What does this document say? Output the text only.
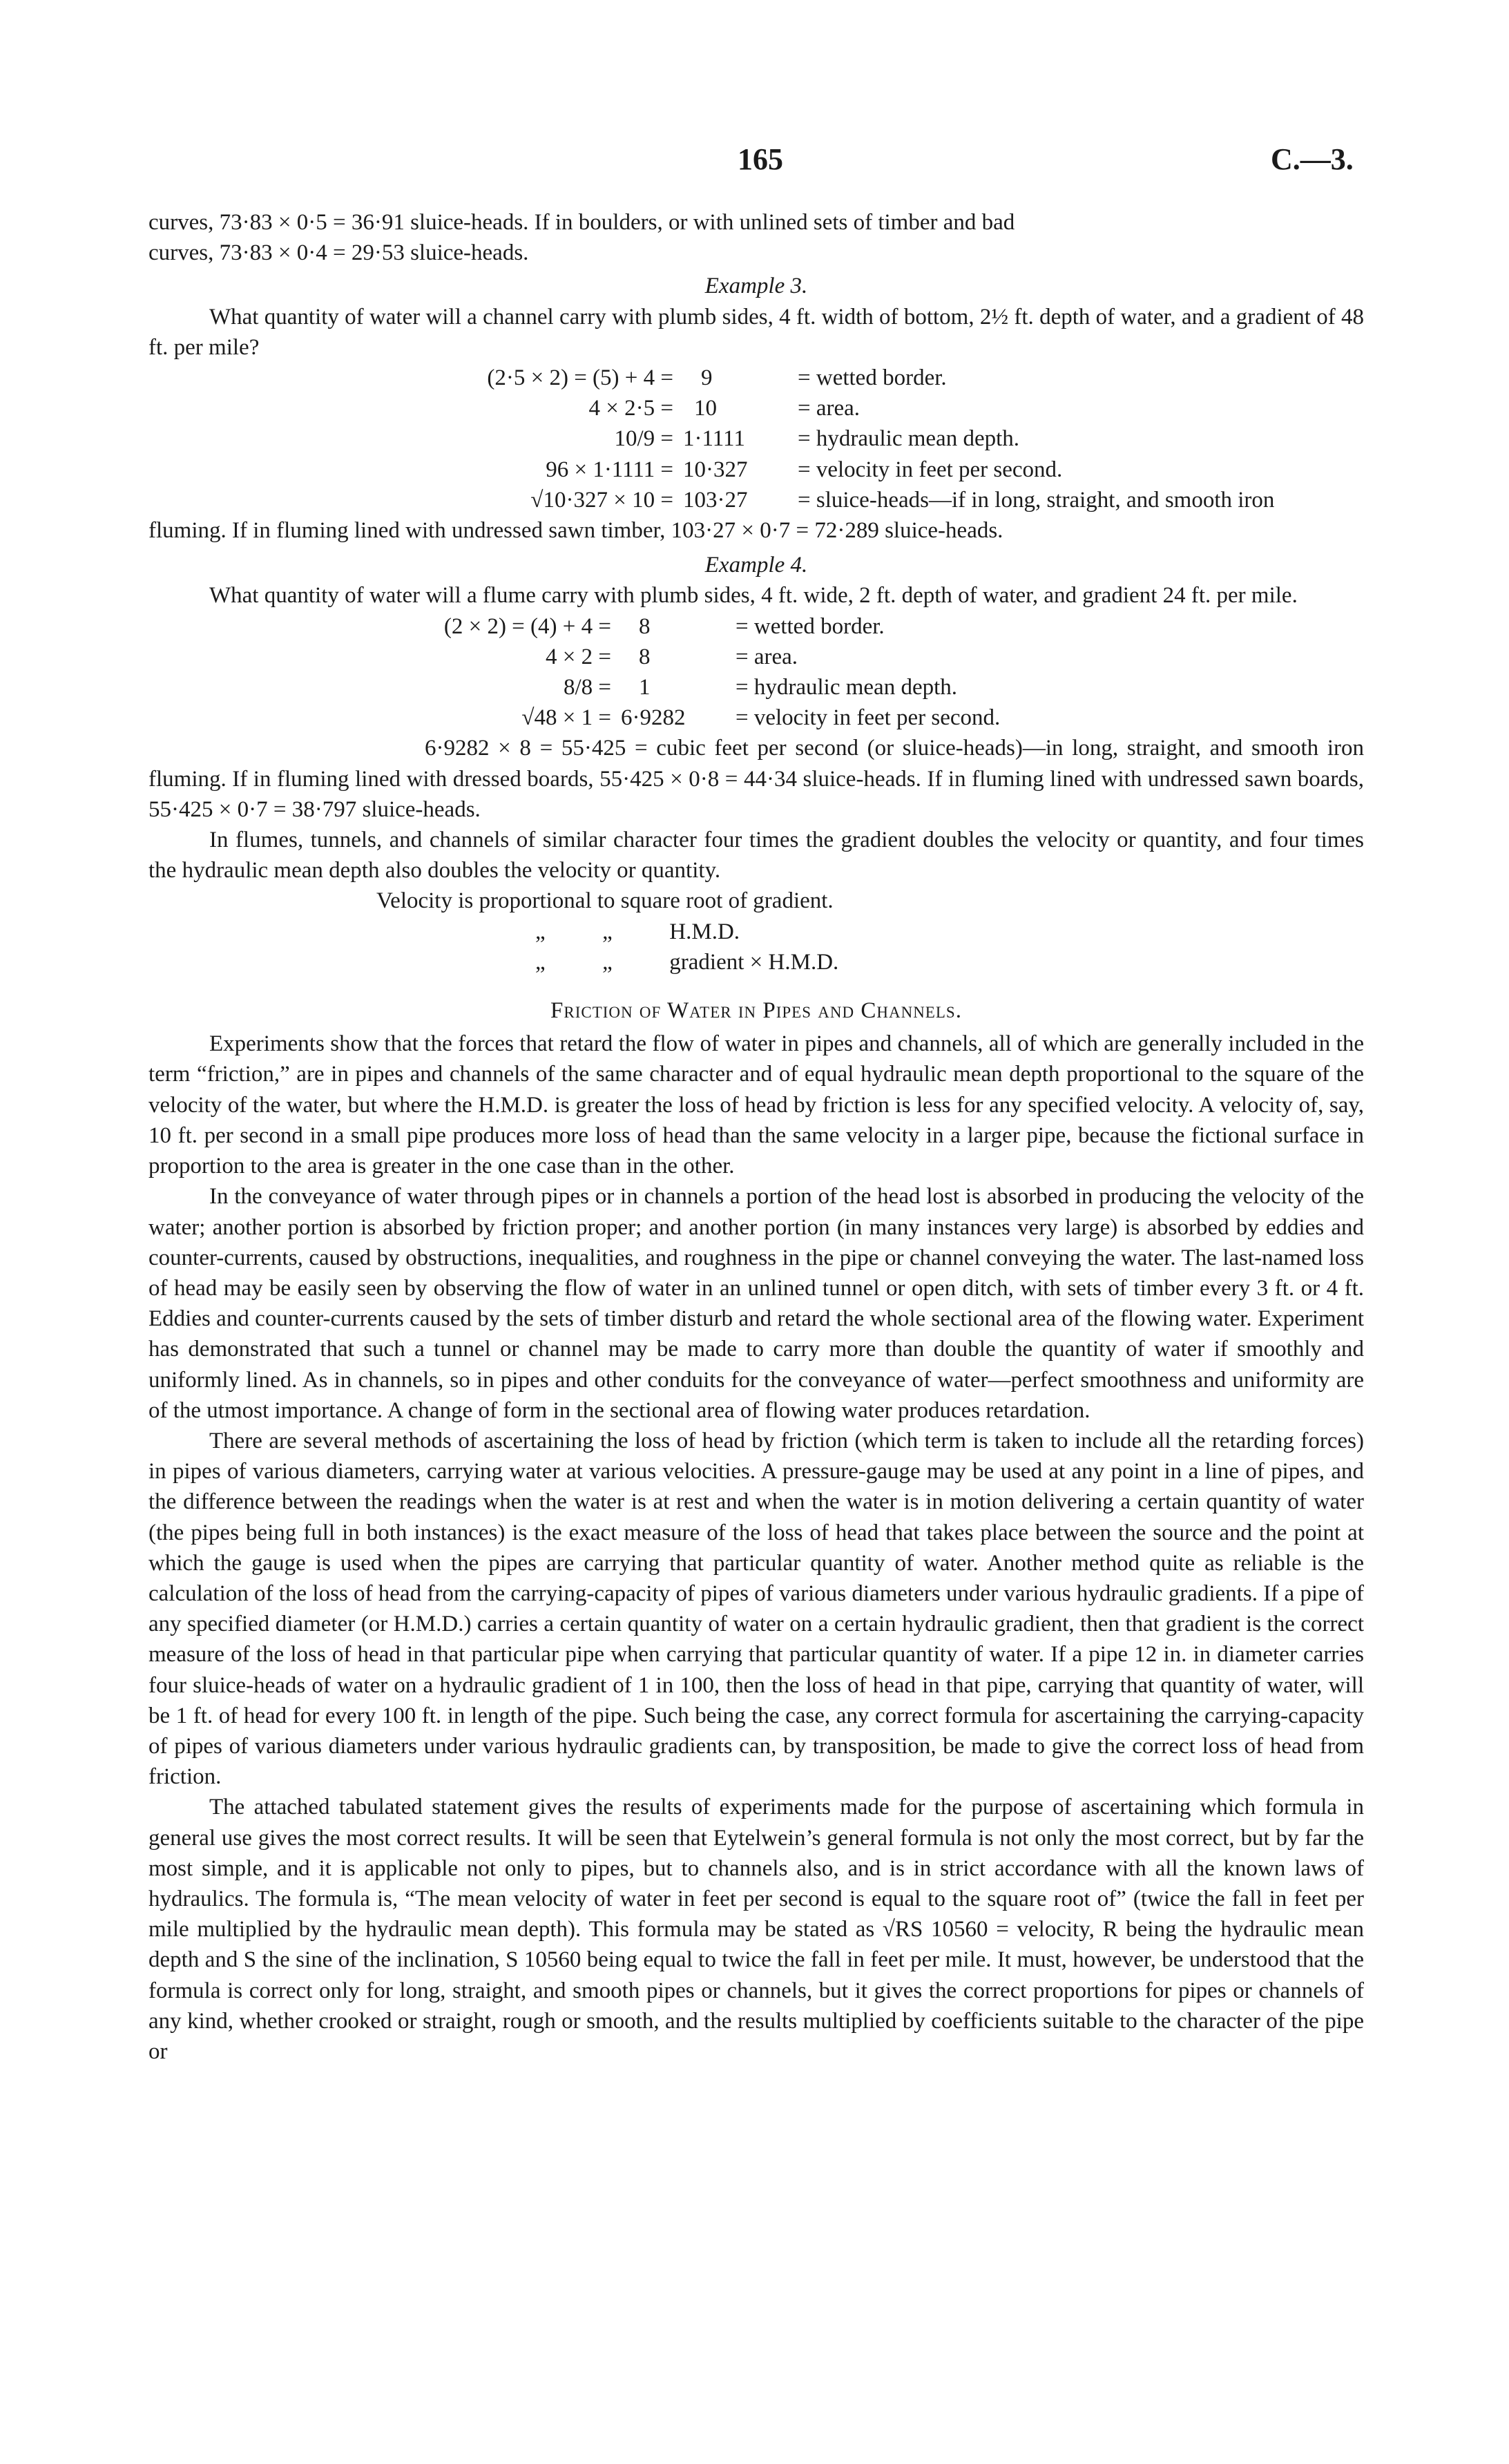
165	C.—3.

curves, 73·83 × 0·5 = 36·91 sluice-heads. If in boulders, or with unlined sets of timber and bad

curves, 73·83 × 0·4 = 29·53 sluice-heads.

Example 3.

What quantity of water will a channel carry with plumb sides, 4 ft. width of bottom, 2½ ft. depth of water, and a gradient of 48 ft. per mile?

(2·5 × 2) = (5) + 4 =	9	= wetted border.
4 × 2·5 = 10	= area.
10/9 = 1·1111	= hydraulic mean depth.
96 × 1·1111 = 10·327	= velocity in feet per second.
√10·327 × 10 = 103·27	= sluice-heads—if in long, straight, and smooth iron

fluming. If in fluming lined with undressed sawn timber, 103·27 × 0·7 = 72·289 sluice-heads.

Example 4.

What quantity of water will a flume carry with plumb sides, 4 ft. wide, 2 ft. depth of water, and gradient 24 ft. per mile.

(2 × 2) = (4) + 4 =	8	= wetted border.
4 × 2 =	8	= area.
8/8 =	1	= hydraulic mean depth.
√48 × 1 = 6·9282	= velocity in feet per second.

6·9282 × 8 = 55·425 = cubic feet per second (or sluice-heads)—in long, straight, and smooth iron fluming. If in fluming lined with dressed boards, 55·425 × 0·8 = 44·34 sluice-heads. If in fluming lined with undressed sawn boards, 55·425 × 0·7 = 38·797 sluice-heads.

In flumes, tunnels, and channels of similar character four times the gradient doubles the velocity or quantity, and four times the hydraulic mean depth also doubles the velocity or quantity.

Velocity is proportional to square root of gradient.

„          „          H.M.D.

„          „          gradient × H.M.D.

Friction of Water in Pipes and Channels.

Experiments show that the forces that retard the flow of water in pipes and channels, all of which are generally included in the term “friction,” are in pipes and channels of the same character and of equal hydraulic mean depth proportional to the square of the velocity of the water, but where the H.M.D. is greater the loss of head by friction is less for any specified velocity. A velocity of, say, 10 ft. per second in a small pipe produces more loss of head than the same velocity in a larger pipe, because the fictional surface in proportion to the area is greater in the one case than in the other.

In the conveyance of water through pipes or in channels a portion of the head lost is absorbed in producing the velocity of the water; another portion is absorbed by friction proper; and another portion (in many instances very large) is absorbed by eddies and counter-currents, caused by obstructions, inequalities, and roughness in the pipe or channel conveying the water. The last-named loss of head may be easily seen by observing the flow of water in an unlined tunnel or open ditch, with sets of timber every 3 ft. or 4 ft. Eddies and counter-currents caused by the sets of timber disturb and retard the whole sectional area of the flowing water. Experiment has demonstrated that such a tunnel or channel may be made to carry more than double the quantity of water if smoothly and uniformly lined. As in channels, so in pipes and other conduits for the conveyance of water—perfect smoothness and uniformity are of the utmost importance. A change of form in the sectional area of flowing water produces retardation.

There are several methods of ascertaining the loss of head by friction (which term is taken to include all the retarding forces) in pipes of various diameters, carrying water at various velocities. A pressure-gauge may be used at any point in a line of pipes, and the difference between the readings when the water is at rest and when the water is in motion delivering a certain quantity of water (the pipes being full in both instances) is the exact measure of the loss of head that takes place between the source and the point at which the gauge is used when the pipes are carrying that particular quantity of water. Another method quite as reliable is the calculation of the loss of head from the carrying-capacity of pipes of various diameters under various hydraulic gradients. If a pipe of any specified diameter (or H.M.D.) carries a certain quantity of water on a certain hydraulic gradient, then that gradient is the correct measure of the loss of head in that particular pipe when carrying that particular quantity of water. If a pipe 12 in. in diameter carries four sluice-heads of water on a hydraulic gradient of 1 in 100, then the loss of head in that pipe, carrying that quantity of water, will be 1 ft. of head for every 100 ft. in length of the pipe. Such being the case, any correct formula for ascertaining the carrying-capacity of pipes of various diameters under various hydraulic gradients can, by transposition, be made to give the correct loss of head from friction.

The attached tabulated statement gives the results of experiments made for the purpose of ascertaining which formula in general use gives the most correct results. It will be seen that Eytelwein’s general formula is not only the most correct, but by far the most simple, and it is applicable not only to pipes, but to channels also, and is in strict accordance with all the known laws of hydraulics. The formula is, “The mean velocity of water in feet per second is equal to the square root of” (twice the fall in feet per mile multiplied by the hydraulic mean depth). This formula may be stated as √RS 10560 = velocity, R being the hydraulic mean depth and S the sine of the inclination, S 10560 being equal to twice the fall in feet per mile. It must, however, be understood that the formula is correct only for long, straight, and smooth pipes or channels, but it gives the correct proportions for pipes or channels of any kind, whether crooked or straight, rough or smooth, and the results multiplied by coefficients suitable to the character of the pipe or
